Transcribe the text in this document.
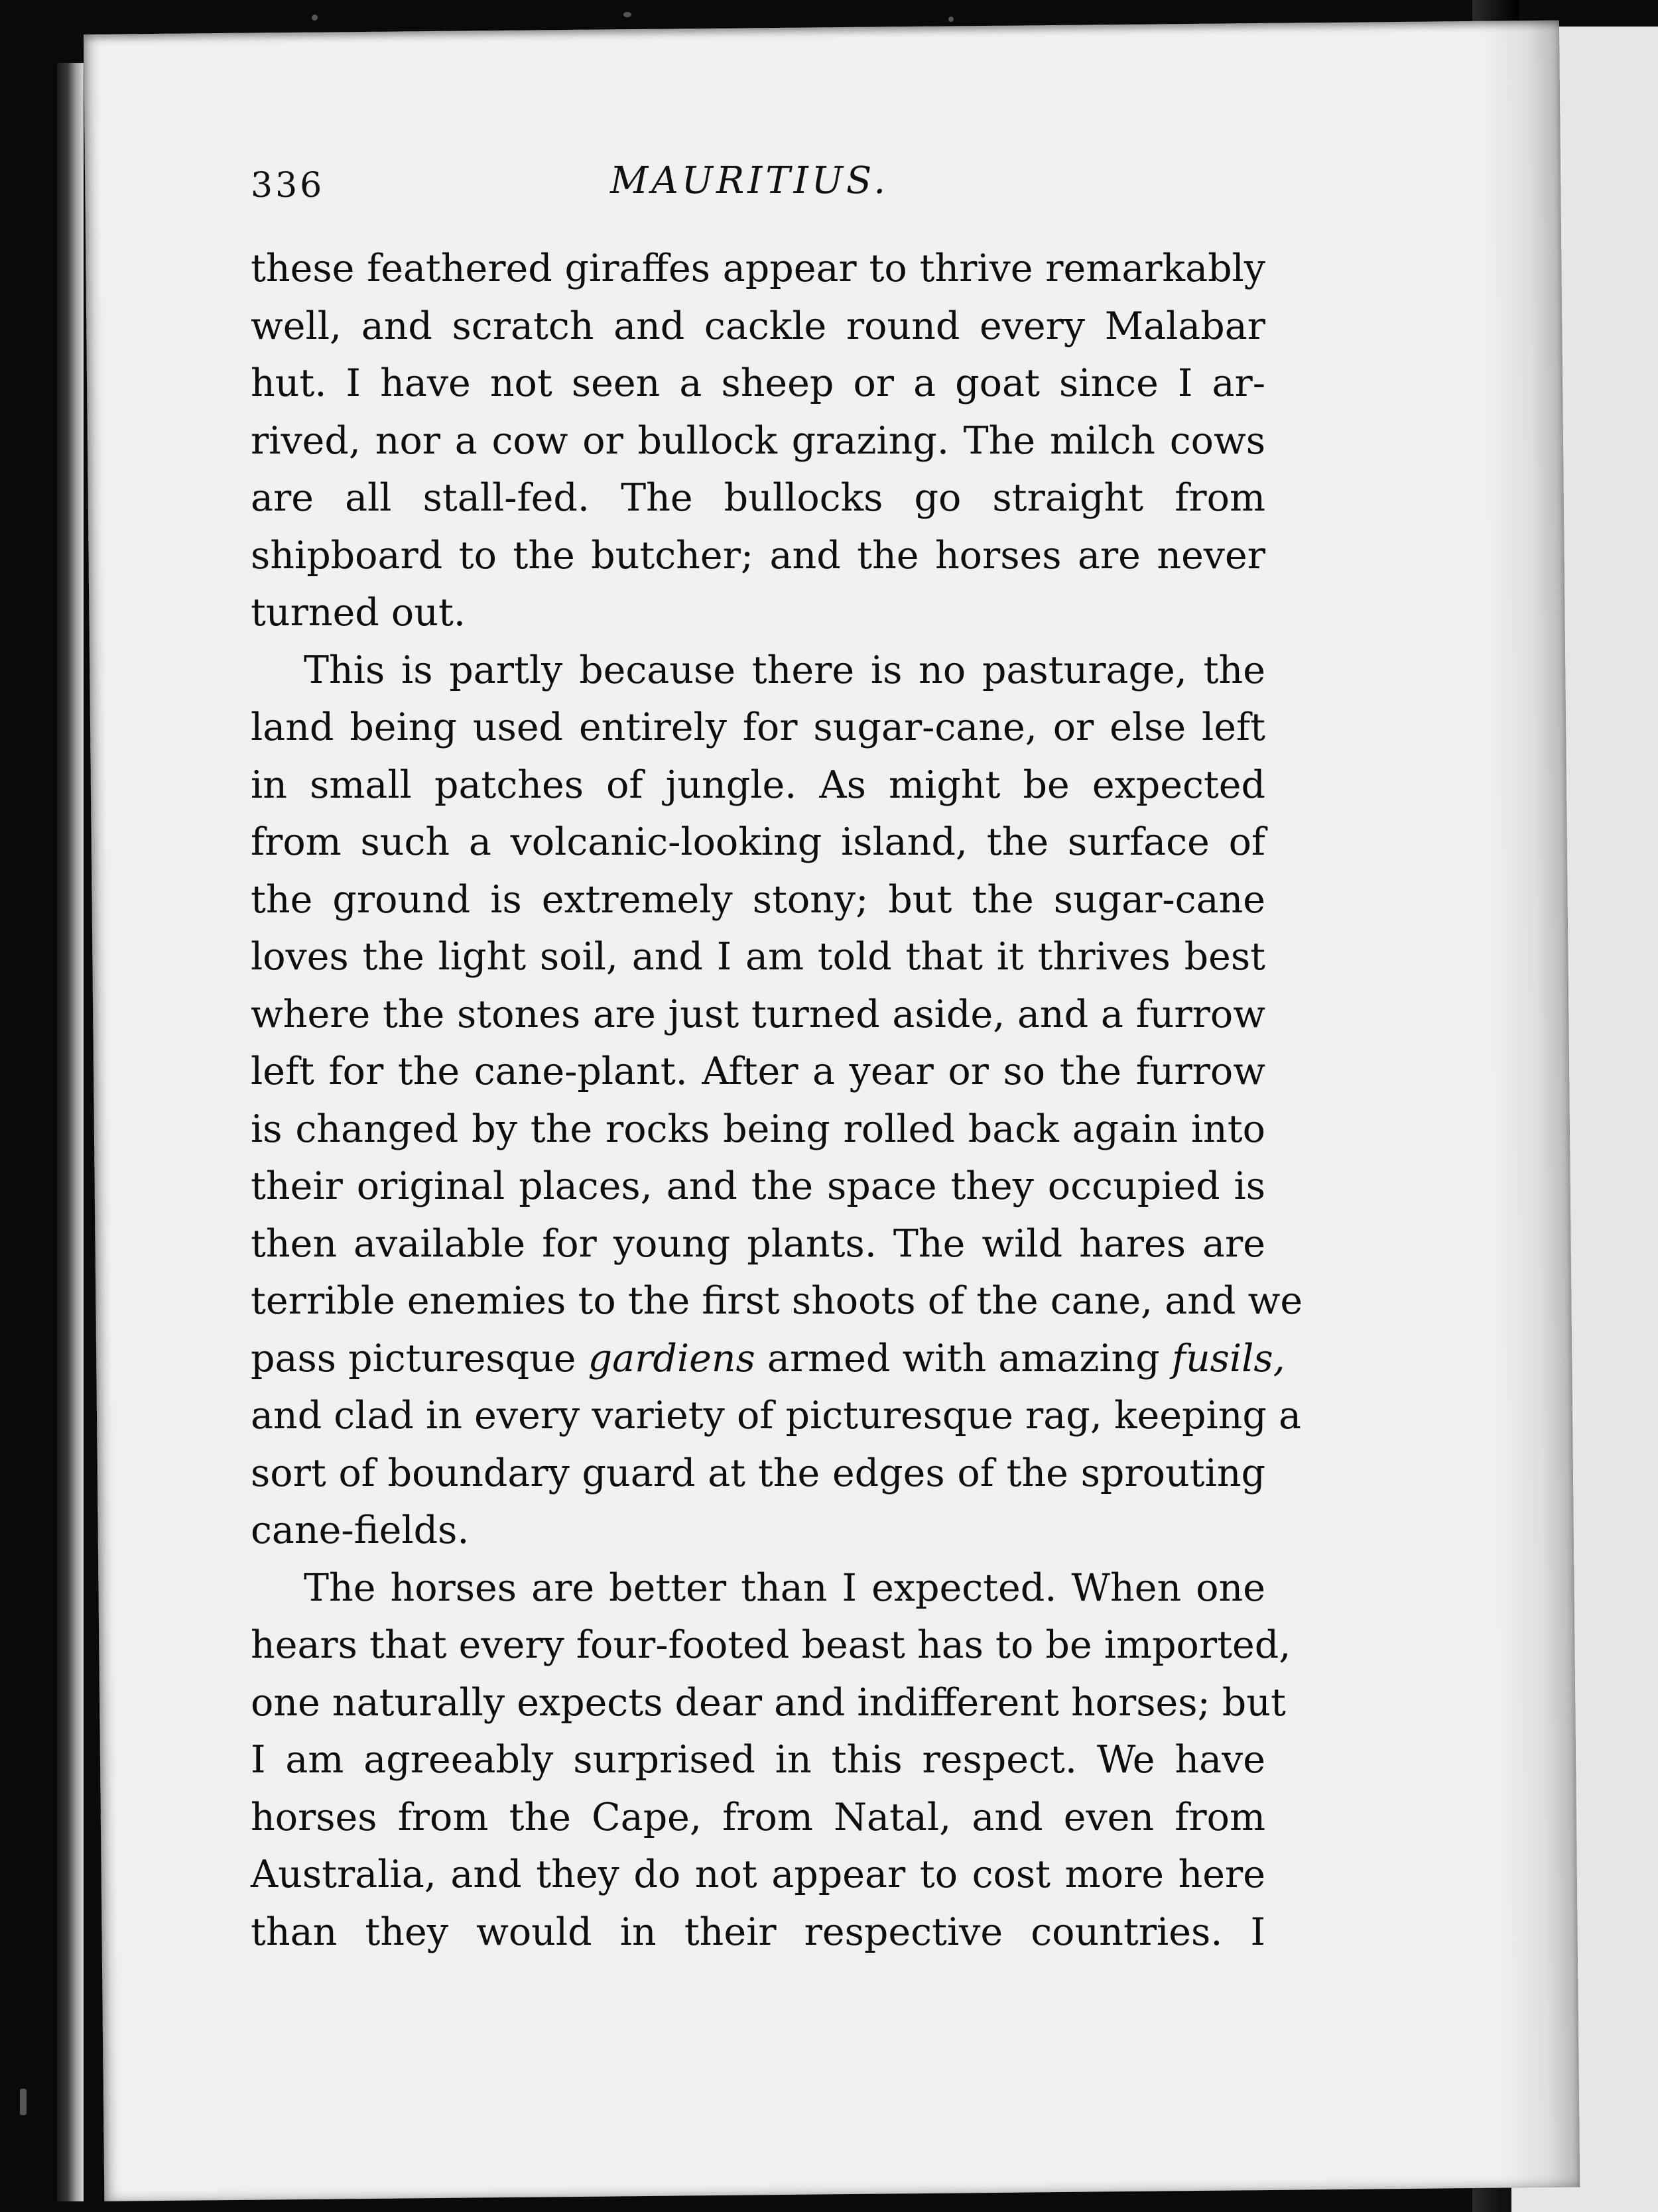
336	MAURITIUS.
these feathered giraffes appear to thrive remarkably
well, and scratch and cackle round every Malabar
hut. I have not seen a sheep or a goat since I ar-
rived, nor a cow or bullock grazing. The milch cows
are all stall-fed. The bullocks go straight from
shipboard to the butcher; and the horses are never
turned out.
This is partly because there is no pasturage, the
land being used entirely for sugar-cane, or else left
in small patches of jungle. As might be expected
from such a volcanic-looking island, the surface of
the ground is extremely stony; but the sugar-cane
loves the light soil, and I am told that it thrives best
where the stones are just turned aside, and a furrow
left for the cane-plant. After a year or so the furrow
is changed by the rocks being rolled back again into
their original places, and the space they occupied is
then available for young plants. The wild hares are
terrible enemies to the first shoots of the cane, and we
pass picturesque gardiens armed with amazing fusils,
and clad in every variety of picturesque rag, keeping a
sort of boundary guard at the edges of the sprouting
cane-fields.
The horses are better than I expected. When one
hears that every four-footed beast has to be imported,
one naturally expects dear and indifferent horses; but
I am agreeably surprised in this respect. We have
horses from the Cape, from Natal, and even from
Australia, and they do not appear to cost more here
than they would in their respective countries. I
